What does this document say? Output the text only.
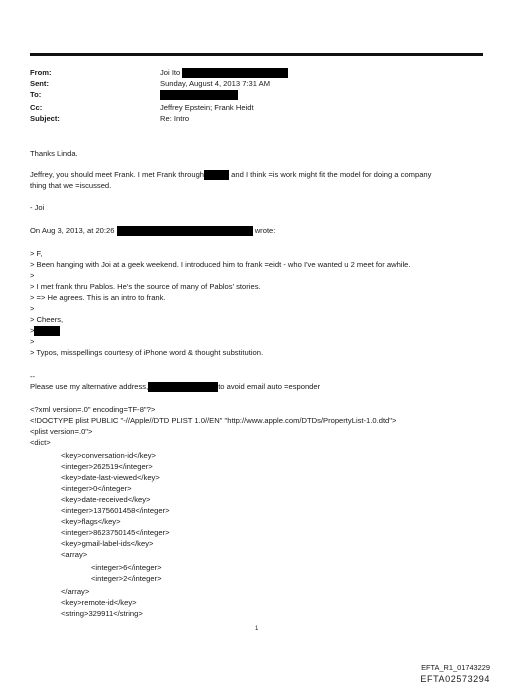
From:	Joi Ito
Sent:	Sunday, August 4, 2013 7:31 AM
To:
Cc:	Jeffrey Epstein; Frank Heidt
Subject:	Re: Intro
Thanks Linda.
Jeffrey, you should meet Frank. I met Frank through	and I think =is work might fit the model for doing a company
thing that we =iscussed.
- Joi
On Aug 3, 2013, at 20:26	wrote:
> F,
> Been hanging with Joi at a geek weekend. I introduced him to frank =eidt - who I've wanted u 2 meet for awhile.
>
> I met frank thru Pablos. He's the source of many of Pablos' stories.
> => He agrees. This is an intro to frank.
>
> Cheers,
>
>
> Typos, misspellings courtesy of iPhone word & thought substitution.
--
Please use my alternative address,	to avoid email auto =esponder
<?xml version=.0" encoding=TF-8"?>
<!DOCTYPE plist PUBLIC "-//Apple//DTD PLIST 1.0//EN" "http://www.apple.com/DTDs/PropertyList-1.0.dtd">
<plist version=.0">
<dict>
<key>conversation-id</key>
<integer>262519</integer>
<key>date-last-viewed</key>
<integer>0</integer>
<key>date-received</key>
<integer>1375601458</integer>
<key>flags</key>
<integer>8623750145</integer>
<key>gmail-label-ids</key>
<array>
<integer>6</integer>
<integer>2</integer>
</array>
<key>remote-id</key>
<string>329911</string>
1
EFTA_R1_01743229
EFTA02573294
